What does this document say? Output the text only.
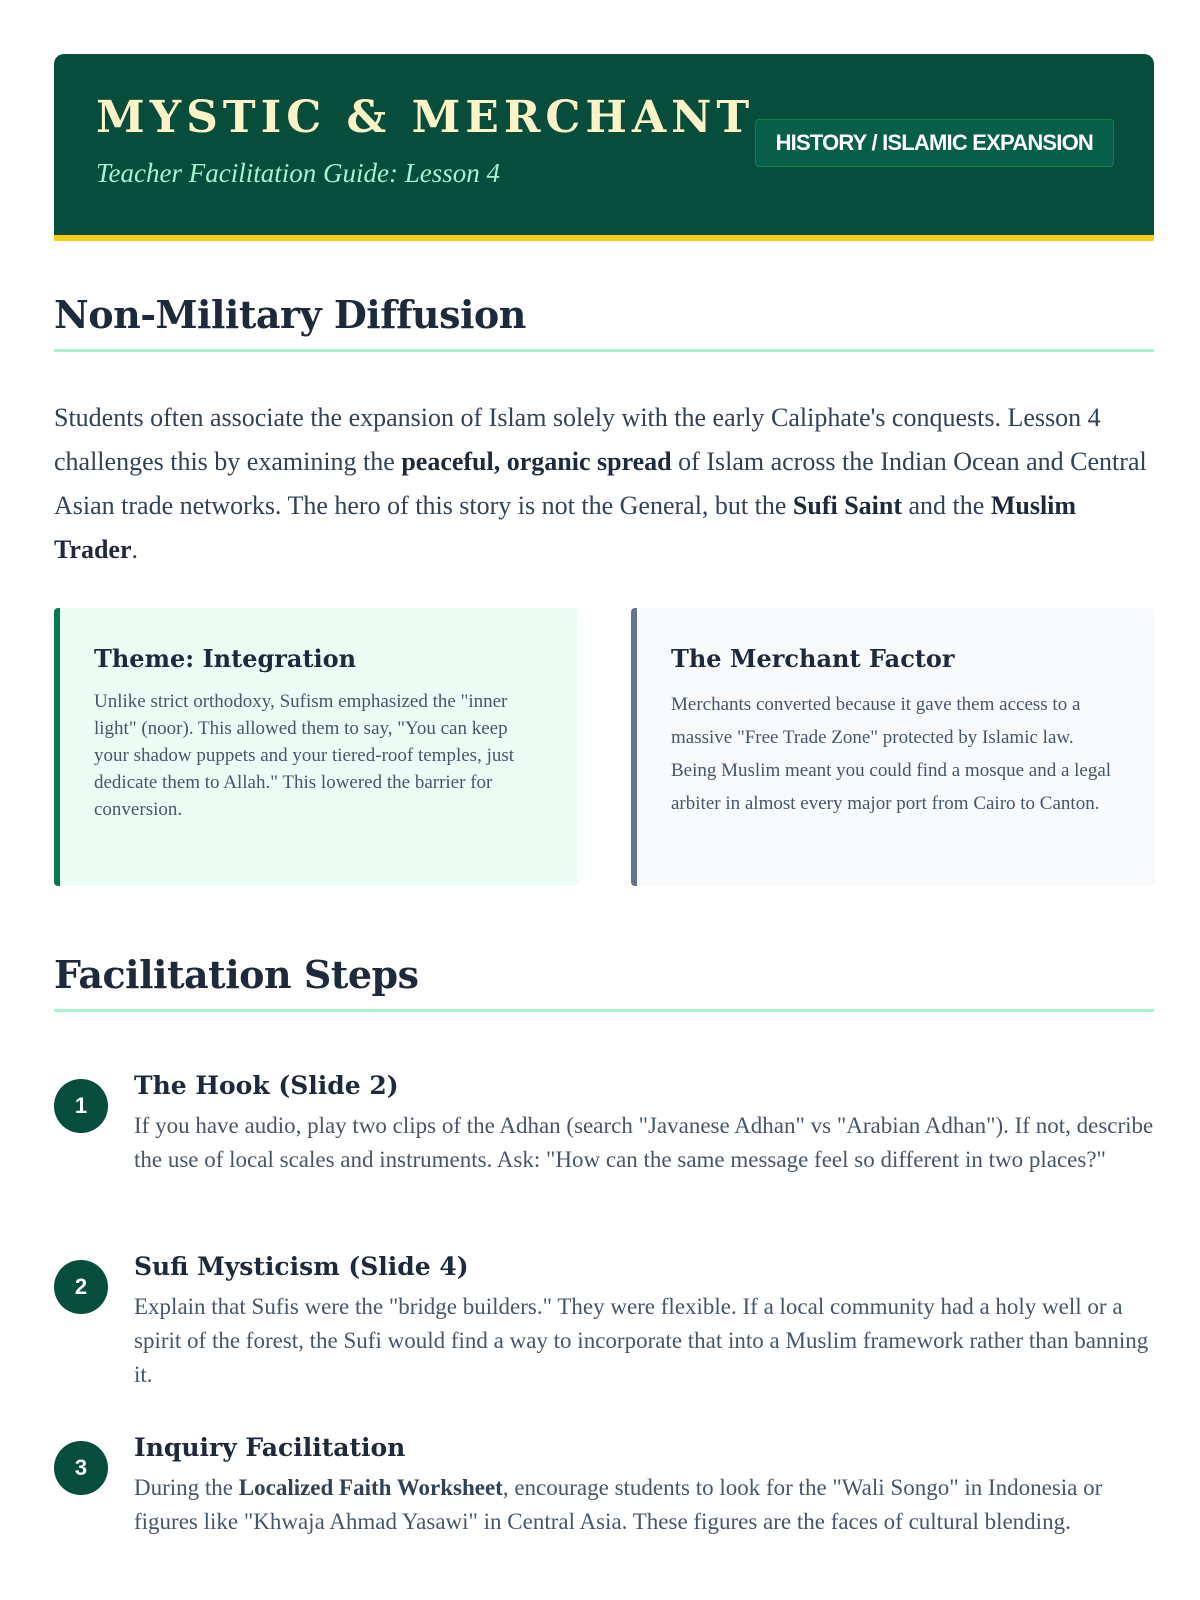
MYSTIC & MERCHANT
Teacher Facilitation Guide: Lesson 4
HISTORY / ISLAMIC EXPANSION
Non-Military Diffusion

Students often associate the expansion of Islam solely with the early Caliphate's conquests. Lesson 4 challenges this by examining the peaceful, organic spread of Islam across the Indian Ocean and Central Asian trade networks. The hero of this story is not the General, but the Sufi Saint and the Muslim Trader.

Theme: Integration

Unlike strict orthodoxy, Sufism emphasized the "inner light" (noor). This allowed them to say, "You can keep your shadow puppets and your tiered-roof temples, just dedicate them to Allah." This lowered the barrier for conversion.

The Merchant Factor

Merchants converted because it gave them access to a massive "Free Trade Zone" protected by Islamic law. Being Muslim meant you could find a mosque and a legal arbiter in almost every major port from Cairo to Canton.

Facilitation Steps
1
The Hook (Slide 2)

If you have audio, play two clips of the Adhan (search "Javanese Adhan" vs "Arabian Adhan"). If not, describe the use of local scales and instruments. Ask: "How can the same message feel so different in two places?"

2
Sufi Mysticism (Slide 4)

Explain that Sufis were the "bridge builders." They were flexible. If a local community had a holy well or a spirit of the forest, the Sufi would find a way to incorporate that into a Muslim framework rather than banning it.

3
Inquiry Facilitation

During the Localized Faith Worksheet, encourage students to look for the "Wali Songo" in Indonesia or figures like "Khwaja Ahmad Yasawi" in Central Asia. These figures are the faces of cultural blending.
